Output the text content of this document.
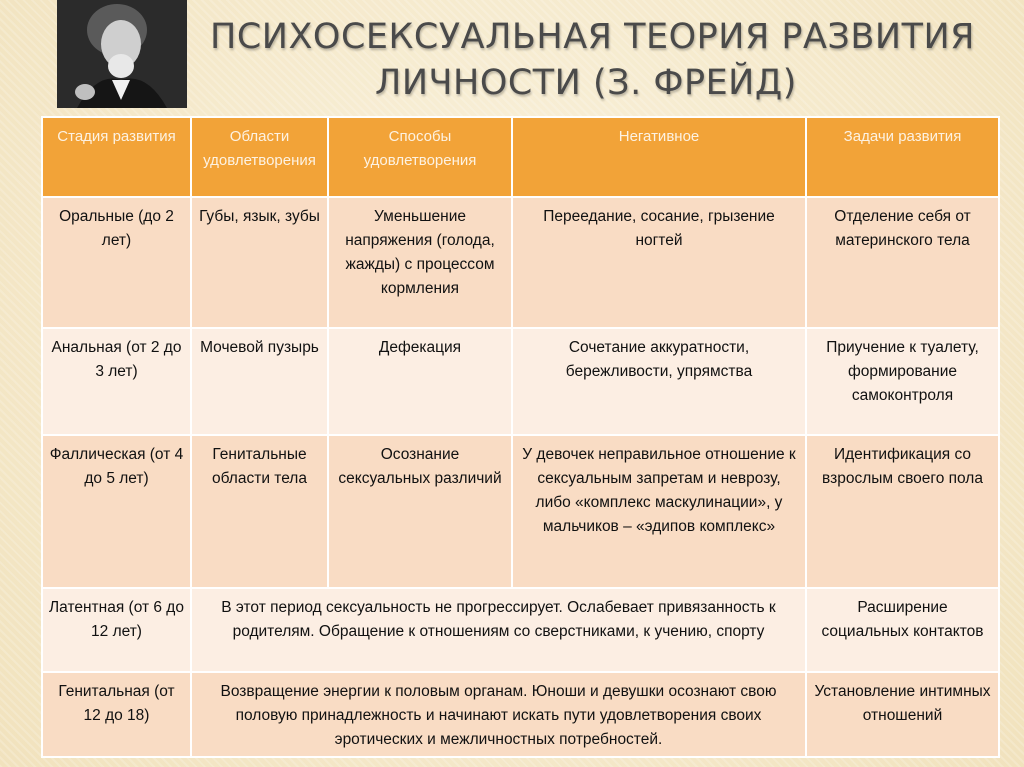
ПСИХОСЕКСУАЛЬНАЯ ТЕОРИЯ РАЗВИТИЯ
ЛИЧНОСТИ (З. ФРЕЙД)
Стадия развития	Области удовлетворения	Способы удовлетворения	Негативное	Задачи развития
Оральные (до 2 лет)	Губы, язык, зубы	Уменьшение напряжения (голода, жажды) с процессом кормления	Переедание, сосание, грызение ногтей	Отделение себя от материнского тела
Анальная (от 2 до 3 лет)	Мочевой пузырь	Дефекация	Сочетание аккуратности, бережливости, упрямства	Приучение к туалету, формирование самоконтроля
Фаллическая (от 4 до 5 лет)	Генитальные области тела	Осознание сексуальных различий	У девочек неправильное отношение к сексуальным запретам и неврозу, либо «комплекс маскулинации», у мальчиков – «эдипов комплекс»	Идентификация со взрослым своего пола
Латентная (от 6 до 12 лет)	В этот период сексуальность не прогрессирует. Ослабевает привязанность к родителям. Обращение к отношениям со сверстниками, к учению, спорту			Расширение социальных контактов
Генитальная (от 12 до 18)	Возвращение энергии к половым органам. Юноши и девушки осознают свою половую принадлежность и начинают искать пути удовлетворения своих эротических и межличностных потребностей.			Установление интимных отношений
